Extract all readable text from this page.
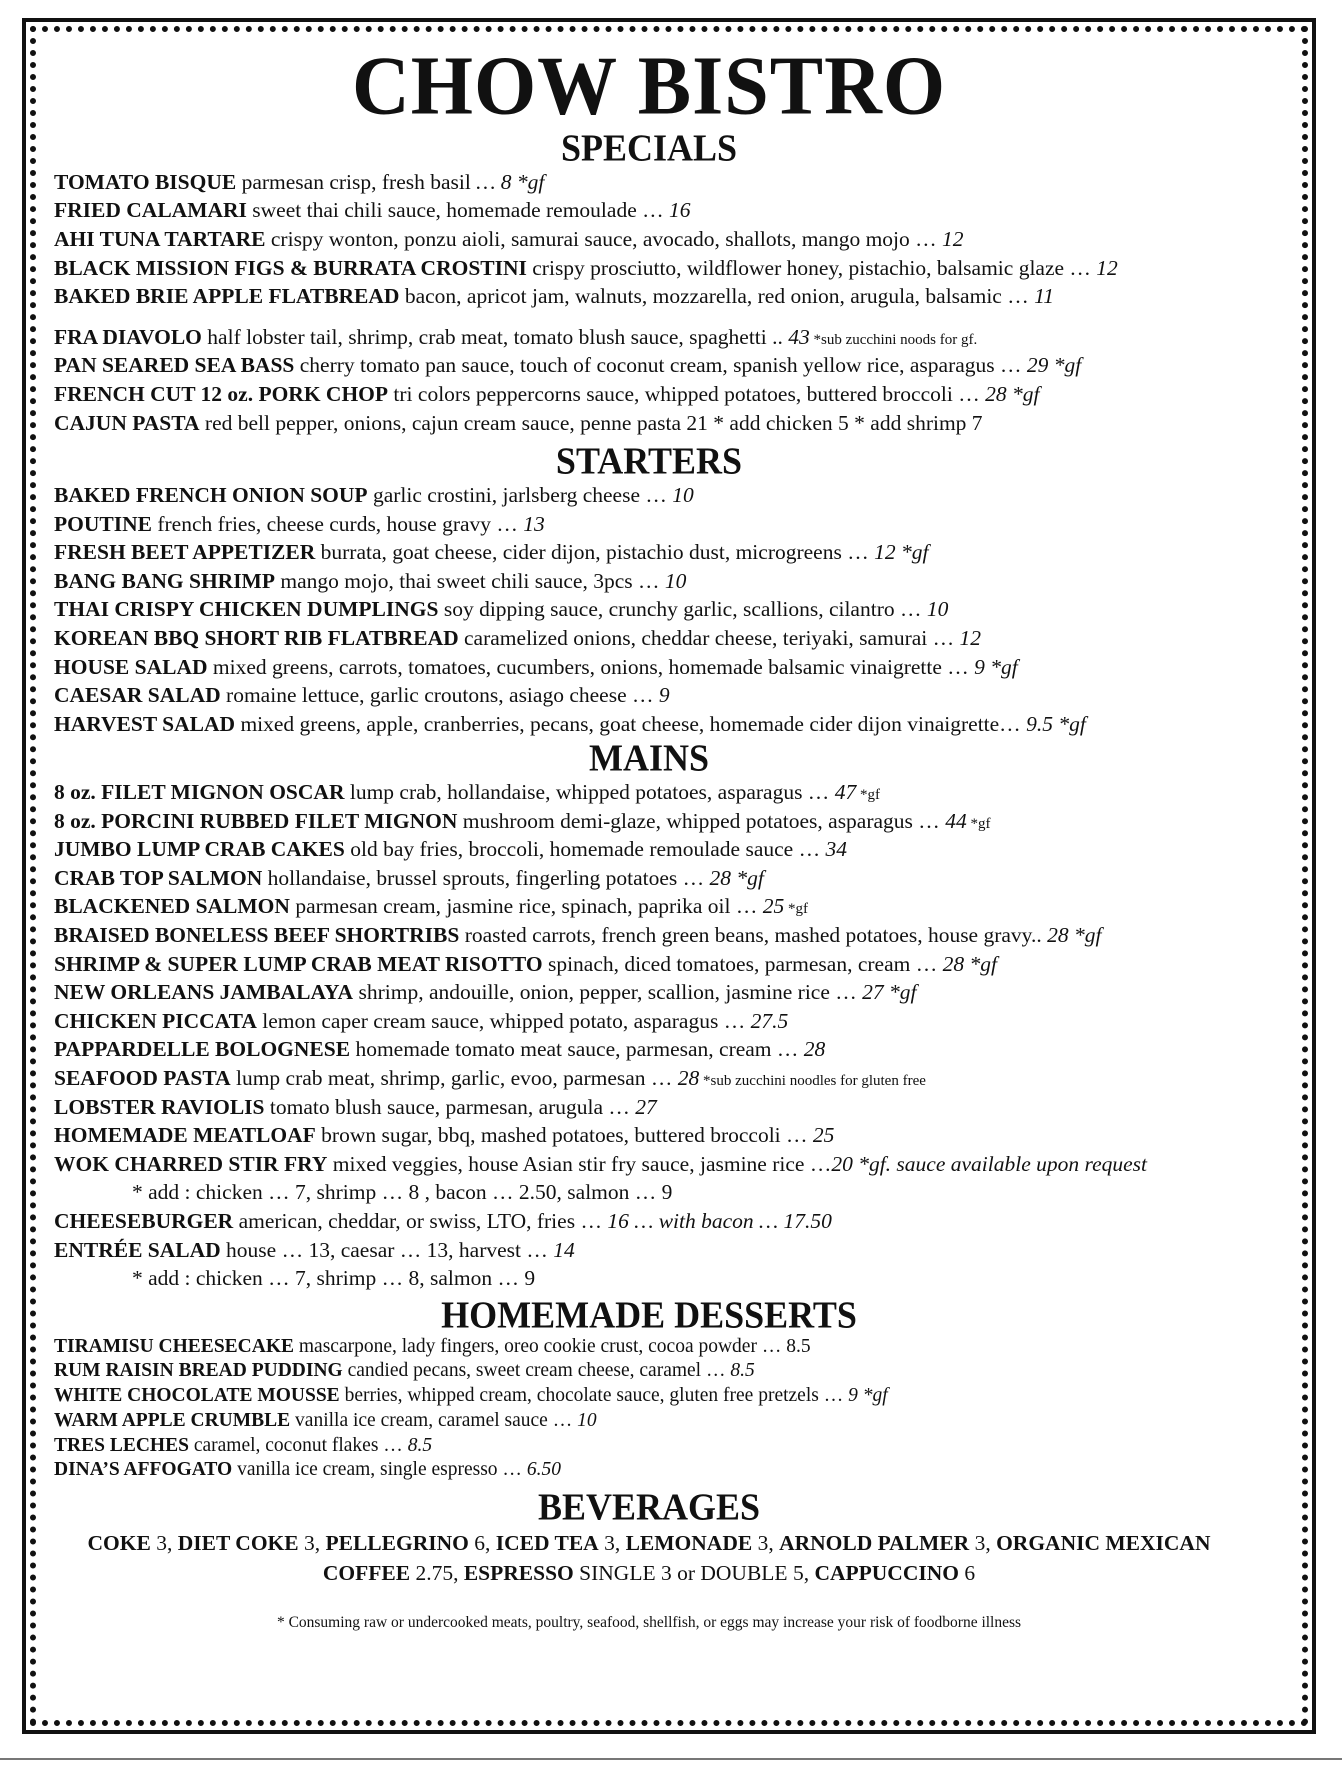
CHOW BISTRO
SPECIALS
TOMATO BISQUE parmesan crisp, fresh basil … 8 *gf
FRIED CALAMARI sweet thai chili sauce, homemade remoulade … 16
AHI TUNA TARTARE crispy wonton, ponzu aioli, samurai sauce, avocado, shallots, mango mojo … 12
BLACK MISSION FIGS & BURRATA CROSTINI crispy prosciutto, wildflower honey, pistachio, balsamic glaze … 12
BAKED BRIE APPLE FLATBREAD bacon, apricot jam, walnuts, mozzarella, red onion, arugula, balsamic … 11
FRA DIAVOLO half lobster tail, shrimp, crab meat, tomato blush sauce, spaghetti .. 43 *sub zucchini noods for gf.
PAN SEARED SEA BASS cherry tomato pan sauce, touch of coconut cream, spanish yellow rice, asparagus … 29 *gf
FRENCH CUT 12 oz. PORK CHOP tri colors peppercorns sauce, whipped potatoes, buttered broccoli … 28 *gf
CAJUN PASTA red bell pepper, onions, cajun cream sauce, penne pasta 21 * add chicken 5 * add shrimp 7
STARTERS
BAKED FRENCH ONION SOUP garlic crostini, jarlsberg cheese … 10
POUTINE french fries, cheese curds, house gravy … 13
FRESH BEET APPETIZER burrata, goat cheese, cider dijon, pistachio dust, microgreens … 12 *gf
BANG BANG SHRIMP mango mojo, thai sweet chili sauce, 3pcs … 10
THAI CRISPY CHICKEN DUMPLINGS soy dipping sauce, crunchy garlic, scallions, cilantro … 10
KOREAN BBQ SHORT RIB FLATBREAD caramelized onions, cheddar cheese, teriyaki, samurai … 12
HOUSE SALAD mixed greens, carrots, tomatoes, cucumbers, onions, homemade balsamic vinaigrette … 9 *gf
CAESAR SALAD romaine lettuce, garlic croutons, asiago cheese … 9
HARVEST SALAD mixed greens, apple, cranberries, pecans, goat cheese, homemade cider dijon vinaigrette… 9.5 *gf
MAINS
8 oz. FILET MIGNON OSCAR lump crab, hollandaise, whipped potatoes, asparagus … 47 *gf
8 oz. PORCINI RUBBED FILET MIGNON mushroom demi-glaze, whipped potatoes, asparagus … 44 *gf
JUMBO LUMP CRAB CAKES old bay fries, broccoli, homemade remoulade sauce … 34
CRAB TOP SALMON hollandaise, brussel sprouts, fingerling potatoes … 28 *gf
BLACKENED SALMON parmesan cream, jasmine rice, spinach, paprika oil … 25 *gf
BRAISED BONELESS BEEF SHORTRIBS roasted carrots, french green beans, mashed potatoes, house gravy.. 28 *gf
SHRIMP & SUPER LUMP CRAB MEAT RISOTTO spinach, diced tomatoes, parmesan, cream … 28 *gf
NEW ORLEANS JAMBALAYA shrimp, andouille, onion, pepper, scallion, jasmine rice … 27 *gf
CHICKEN PICCATA lemon caper cream sauce, whipped potato, asparagus … 27.5
PAPPARDELLE BOLOGNESE homemade tomato meat sauce, parmesan, cream … 28
SEAFOOD PASTA lump crab meat, shrimp, garlic, evoo, parmesan … 28 *sub zucchini noodles for gluten free
LOBSTER RAVIOLIS tomato blush sauce, parmesan, arugula … 27
HOMEMADE MEATLOAF brown sugar, bbq, mashed potatoes, buttered broccoli … 25
WOK CHARRED STIR FRY mixed veggies, house Asian stir fry sauce, jasmine rice …20 *gf. sauce available upon request
* add : chicken … 7, shrimp … 8 , bacon … 2.50, salmon … 9
CHEESEBURGER american, cheddar, or swiss, LTO, fries … 16 … with bacon … 17.50
ENTRÉE SALAD house … 13, caesar … 13, harvest … 14
* add : chicken … 7, shrimp … 8, salmon … 9
HOMEMADE DESSERTS
TIRAMISU CHEESECAKE mascarpone, lady fingers, oreo cookie crust, cocoa powder … 8.5
RUM RAISIN BREAD PUDDING candied pecans, sweet cream cheese, caramel … 8.5
WHITE CHOCOLATE MOUSSE berries, whipped cream, chocolate sauce, gluten free pretzels … 9 *gf
WARM APPLE CRUMBLE vanilla ice cream, caramel sauce … 10
TRES LECHES caramel, coconut flakes … 8.5
DINA’S AFFOGATO vanilla ice cream, single espresso … 6.50
BEVERAGES
COKE 3, DIET COKE 3, PELLEGRINO 6, ICED TEA 3, LEMONADE 3, ARNOLD PALMER 3, ORGANIC MEXICAN
COFFEE 2.75, ESPRESSO SINGLE 3 or DOUBLE 5, CAPPUCCINO 6
* Consuming raw or undercooked meats, poultry, seafood, shellfish, or eggs may increase your risk of foodborne illness
